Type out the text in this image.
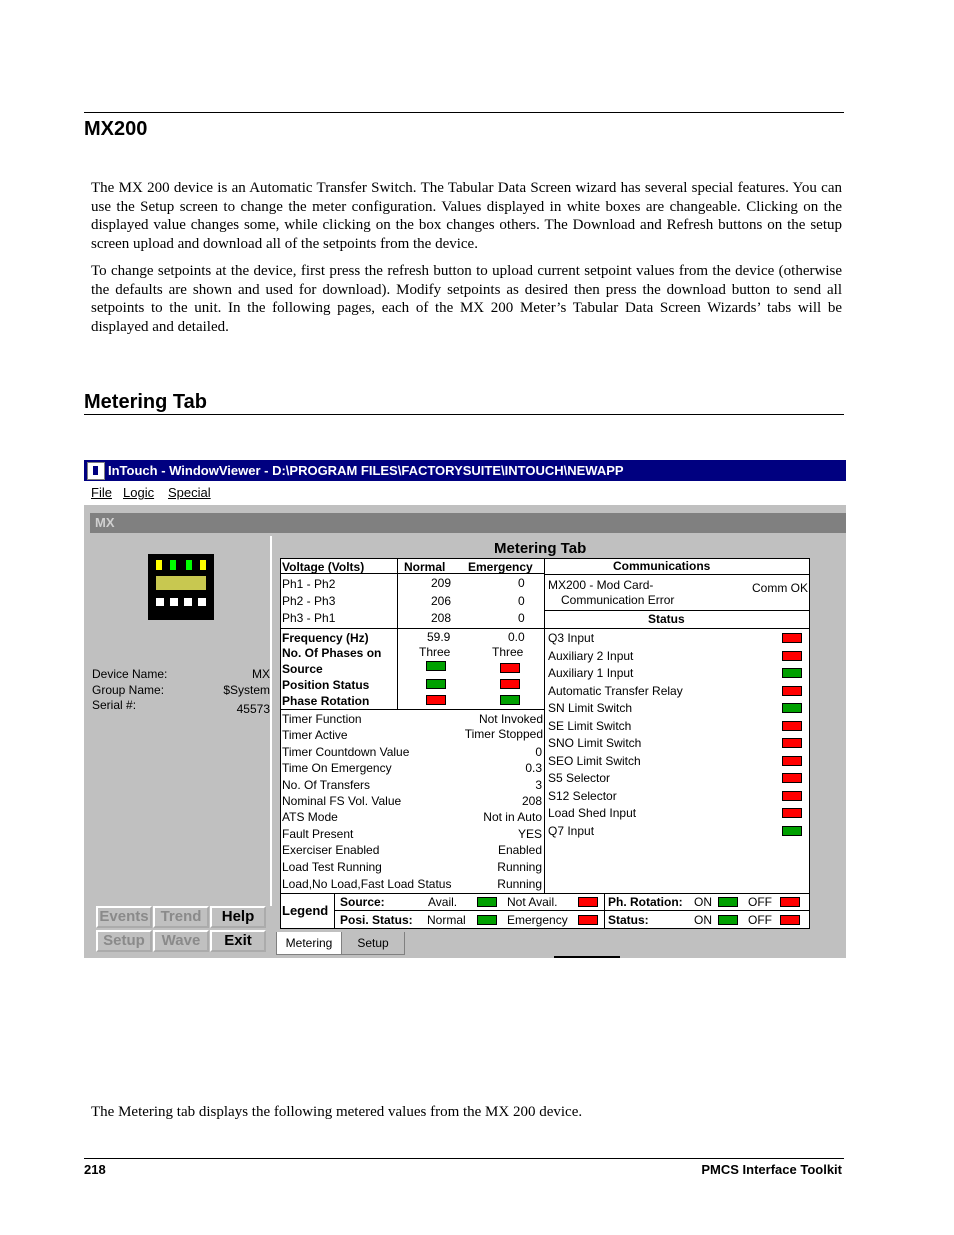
MX200
The MX 200 device is an Automatic Transfer Switch. The Tabular Data Screen wizard has several special features. You can use the Setup screen to change the meter configuration. Values displayed in white boxes are changeable. Clicking on the displayed value changes some, while clicking on the box changes others. The Download and Refresh buttons on the setup screen upload and download all of the setpoints from the device.
To change setpoints at the device, first press the refresh button to upload current setpoint values from the device (otherwise the defaults are shown and used for download). Modify setpoints as desired then press the download button to send all setpoints to the unit. In the following pages, each of the MX 200 Meter’s Tabular Data Screen Wizards’ tabs will be displayed and detailed.
Metering Tab
InTouch - WindowViewer - D:\PROGRAM FILES\FACTORYSUITE\INTOUCH\NEWAPP
File Logic Special
MX
Device Name:	MX
Group Name:	$System
Serial #:	45573
Events Trend	Help
Setup	Wave	Exit
Metering Tab
Voltage (Volts)	Normal Emergency
Ph1 - Ph2	209	0
Ph2 - Ph3	206	0
Ph3 - Ph1	208	0
Frequency (Hz)	59.9	0.0
No. Of Phases on	Three	Three
Source
Position Status
Phase Rotation
Timer Function	Not Invoked
Timer Active	Timer Stopped
Timer Countdown Value	0
Time On Emergency	0.3
No. Of Transfers	3
Nominal FS Vol. Value	208
ATS Mode	Not in Auto
Fault Present	YES
Exerciser Enabled	Enabled
Load Test Running	Running
Load,No Load,Fast Load Status	Running
Communications
MX200 - Mod Card-
Communication Error
Comm OK
Status
Q3 Input
Auxiliary 2 Input
Auxiliary 1 Input
Automatic Transfer Relay
SN Limit Switch
SE Limit Switch
SNO Limit Switch
SEO Limit Switch
S5 Selector
S12 Selector
Load Shed Input
Q7 Input
Legend
Source:	Avail.	Not Avail.
Posi. Status: Normal	Emergency
Ph. Rotation: ON	OFF
Status:	ON	OFF
Metering	Setup
The Metering tab displays the following metered values from the MX 200 device.
218	PMCS Interface Toolkit
